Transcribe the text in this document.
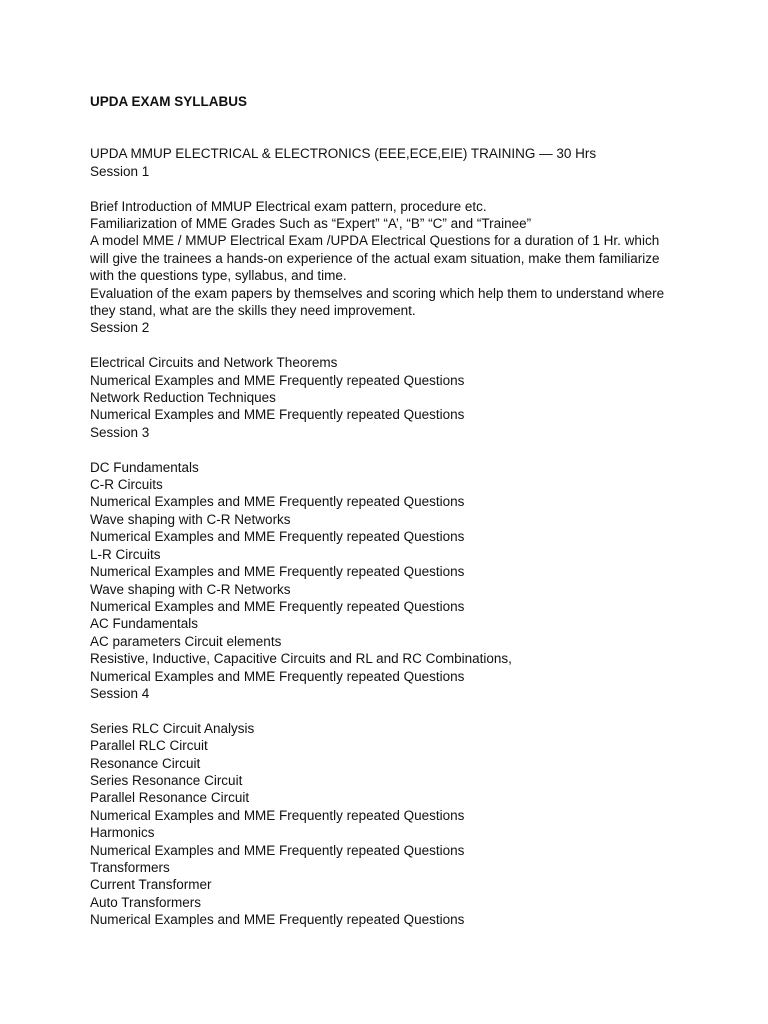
UPDA EXAM SYLLABUS

UPDA MMUP ELECTRICAL & ELECTRONICS (EEE,ECE,EIE) TRAINING — 30 Hrs

Session 1

Brief Introduction of MMUP Electrical exam pattern, procedure etc.

Familiarization of MME Grades Such as “Expert” “A’, “B” “C” and “Trainee”

A model MME / MMUP Electrical Exam /UPDA Electrical Questions for a duration of 1 Hr. which

will give the trainees a hands-on experience of the actual exam situation, make them familiarize

with the questions type, syllabus, and time.

Evaluation of the exam papers by themselves and scoring which help them to understand where

they stand, what are the skills they need improvement.

Session 2

Electrical Circuits and Network Theorems

Numerical Examples and MME Frequently repeated Questions

Network Reduction Techniques

Numerical Examples and MME Frequently repeated Questions

Session 3

DC Fundamentals

C-R Circuits

Numerical Examples and MME Frequently repeated Questions

Wave shaping with C-R Networks

Numerical Examples and MME Frequently repeated Questions

L-R Circuits

Numerical Examples and MME Frequently repeated Questions

Wave shaping with C-R Networks

Numerical Examples and MME Frequently repeated Questions

AC Fundamentals

AC parameters Circuit elements

Resistive, Inductive, Capacitive Circuits and RL and RC Combinations,

Numerical Examples and MME Frequently repeated Questions

Session 4

Series RLC Circuit Analysis

Parallel RLC Circuit

Resonance Circuit

Series Resonance Circuit

Parallel Resonance Circuit

Numerical Examples and MME Frequently repeated Questions

Harmonics

Numerical Examples and MME Frequently repeated Questions

Transformers

Current Transformer

Auto Transformers

Numerical Examples and MME Frequently repeated Questions
